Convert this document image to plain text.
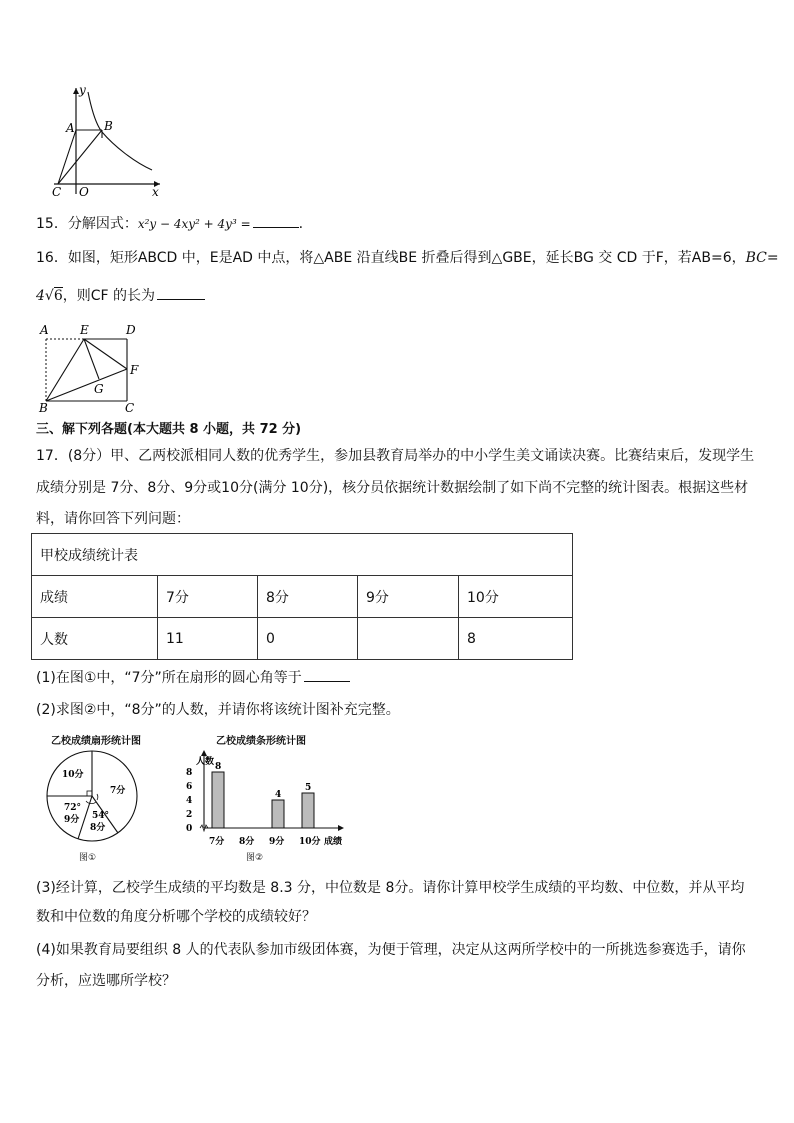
y
A B
C O	x
15．分解因式：x²y − 4xy² + 4y³ =	.
16．如图，矩形ABCD 中，E是AD 中点，将△ABE 沿直线BE 折叠后得到△GBE，延长BG 交 CD 于F，若AB=6，BC=
4√6，则CF 的长为
A	E	D
F
G
B	C
三、解下列各题(本大题共 8 小题，共 72 分)
17．(8分）甲、乙两校派相同人数的优秀学生，参加县教育局举办的中小学生美文诵读决赛。比赛结束后，发现学生
成绩分别是 7分、8分、9分或10分(满分 10分)，核分员依据统计数据绘制了如下尚不完整的统计图表。根据这些材
料，请你回答下列问题：
甲校成绩统计表				
成绩	7分	8分	9分	10分
人数	11	0		8
(1)在图①中，“7分”所在扇形的圆心角等于
(2)求图②中，“8分”的人数，并请你将该统计图补充完整。
乙校成绩扇形统计图
10分
7分
72°
9分 54°
8分
图①
乙校成绩条形统计图
人数
成绩
8
6
4
2
0
8
7分 8分
4
9分
5
10分
图②
(3)经计算，乙校学生成绩的平均数是 8.3 分，中位数是 8分。请你计算甲校学生成绩的平均数、中位数，并从平均
数和中位数的角度分析哪个学校的成绩较好？
(4)如果教育局要组织 8 人的代表队参加市级团体赛，为便于管理，决定从这两所学校中的一所挑选参赛选手，请你
分析，应选哪所学校？
